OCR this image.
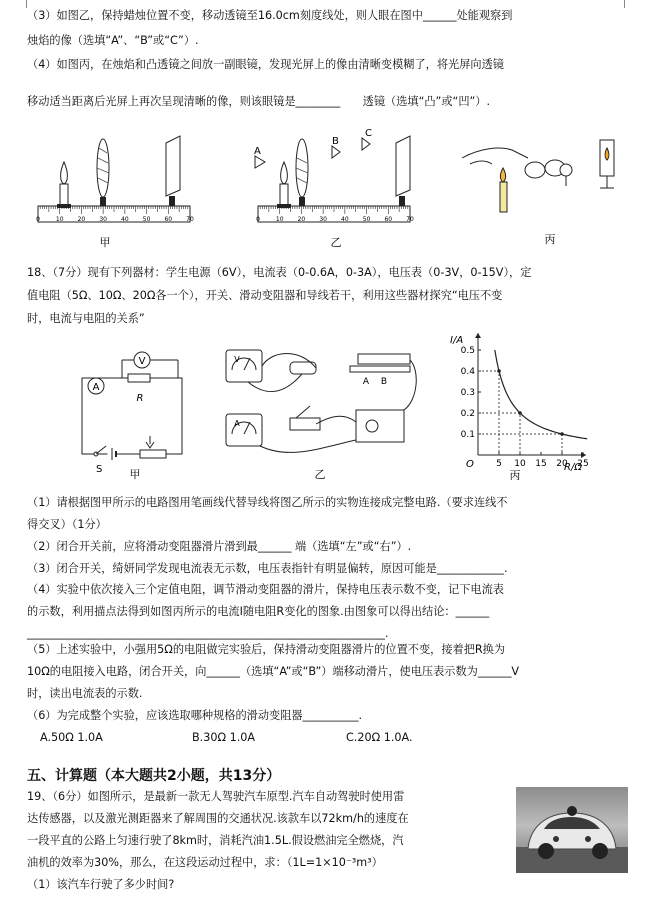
（3）如图乙，保持蜡烛位置不变，移动透镜至16.0cm刻度线处，则人眼在图中______处能观察到
烛焰的像（选填“A”、“B”或“C”）.
（4）如图丙，在烛焰和凸透镜之间放一副眼镜，发现光屏上的像由清晰变模糊了，将光屏向透镜
移动适当距离后光屏上再次呈现清晰的像，则该眼镜是________　　透镜（选填“凸”或“凹”）.
0	10 20 30 40 50 60 70
甲
0	10 20 30 40 50 60 70
A
B
C
乙	丙
18、（7分）现有下列器材：学生电源（6V），电流表（0-0.6A，0-3A），电压表（0-3V，0-15V），定
值电阻（5Ω、10Ω、20Ω各一个），开关、滑动变阻器和导线若干，利用这些器材探究“电压不变
时，电流与电阻的关系”
V
A
R
S 甲
V
A
A B
乙
I/A
R/Ω
O 5 10 15 20 25
0.1
0.2
0.3
0.4
0.5
丙
（1）请根据图甲所示的电路图用笔画线代替导线将图乙所示的实物连接成完整电路.（要求连线不
得交叉）（1分）
（2）闭合开关前，应将滑动变阻器滑片滑到最______ 端（选填“左”或“右”）.
（3）闭合开关，绮妍同学发现电流表无示数，电压表指针有明显偏转，原因可能是____________.
（4）实验中依次接入三个定值电阻，调节滑动变阻器的滑片，保持电压表示数不变，记下电流表
的示数，利用描点法得到如图丙所示的电流I随电阻R变化的图象.由图象可以得出结论：______
________________________________________________________________.
（5）上述实验中，小强用5Ω的电阻做完实验后，保持滑动变阻器滑片的位置不变，接着把R换为
10Ω的电阻接入电路，闭合开关，向______（选填“A”或“B”）端移动滑片，使电压表示数为______V
时，读出电流表的示数.
（6）为完成整个实验，应该选取哪种规格的滑动变阻器__________.
A.50Ω 1.0A	B.30Ω 1.0A	C.20Ω 1.0A.
五、计算题（本大题共2小题，共13分）
19、（6分）如图所示，是最新一款无人驾驶汽车原型.汽车自动驾驶时使用雷
达传感器，以及激光测距器来了解周围的交通状况.该款车以72km/h的速度在
一段平直的公路上匀速行驶了8km时，消耗汽油1.5L.假设燃油完全燃烧，汽
油机的效率为30%，那么，在这段运动过程中，求：（1L=1×10⁻³m³）
（1）该汽车行驶了多少时间?
